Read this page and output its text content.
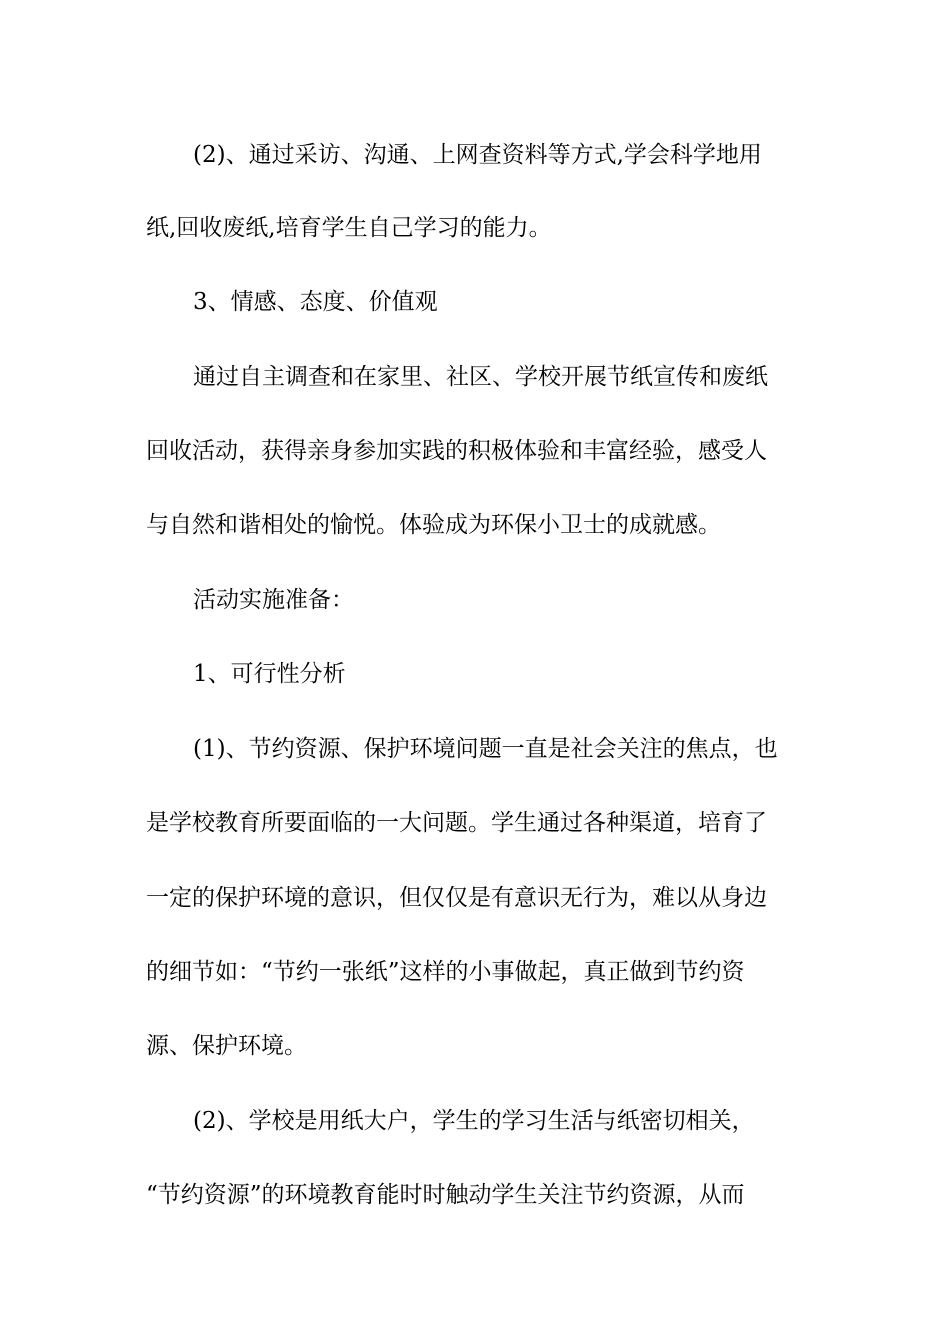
(2)、通过采访、沟通、上网查资料等方式,学会科学地用
纸,回收废纸,培育学生自己学习的能力。
3、情感、态度、价值观
通过自主调查和在家里、社区、学校开展节纸宣传和废纸
回收活动，获得亲身参加实践的积极体验和丰富经验，感受人
与自然和谐相处的愉悦。体验成为环保小卫士的成就感。
活动实施准备：
1、可行性分析
(1)、节约资源、保护环境问题一直是社会关注的焦点，也
是学校教育所要面临的一大问题。学生通过各种渠道，培育了
一定的保护环境的意识，但仅仅是有意识无行为，难以从身边
的细节如：“节约一张纸”这样的小事做起，真正做到节约资
源、保护环境。
(2)、学校是用纸大户，学生的学习生活与纸密切相关，
“节约资源”的环境教育能时时触动学生关注节约资源，从而
